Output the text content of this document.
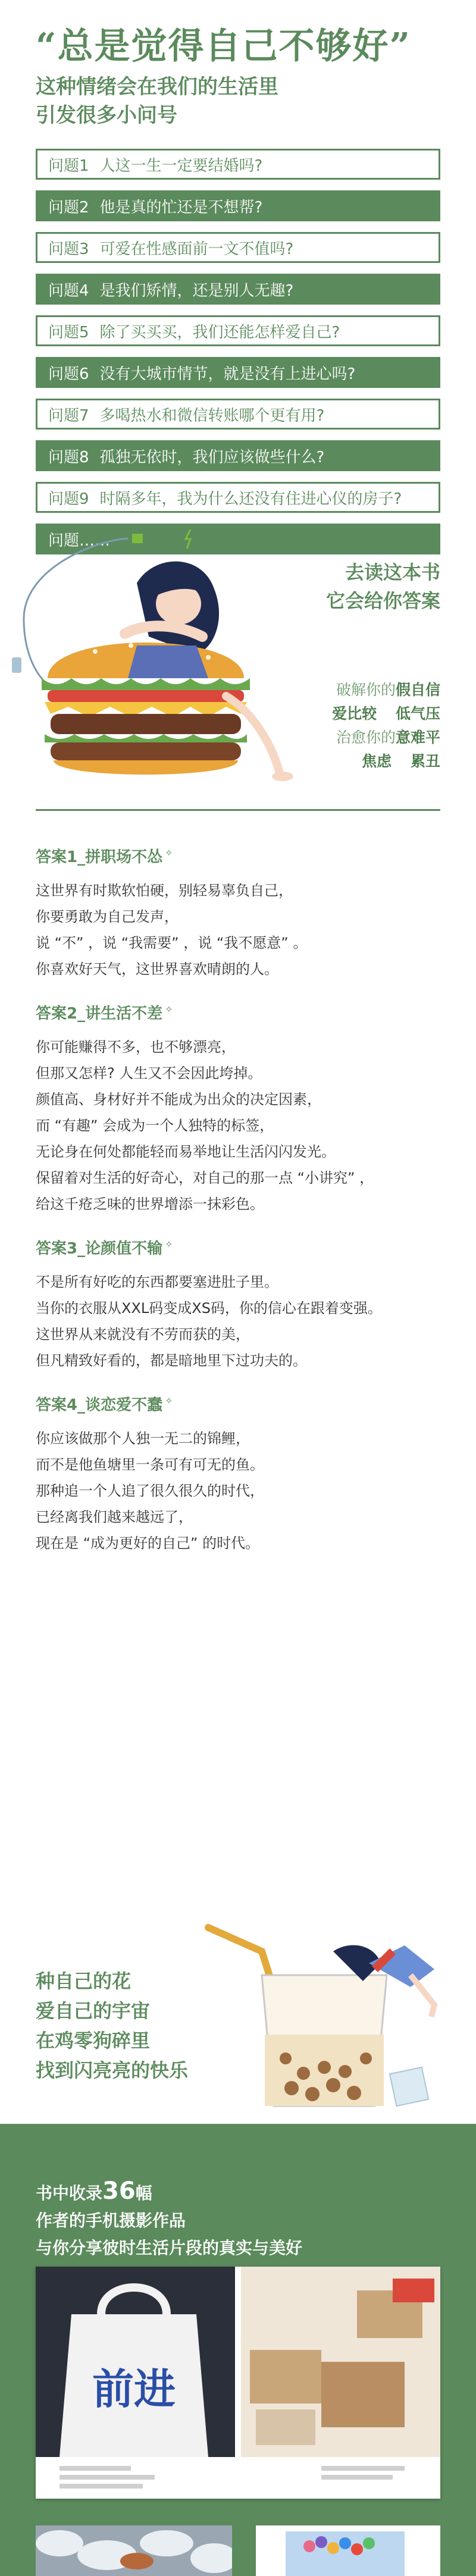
“总是觉得自己不够好”
这种情绪会在我们的生活里
引发很多小问号
问题1 人这一生一定要结婚吗?
问题2 他是真的忙还是不想帮?
问题3 可爱在性感面前一文不值吗?
问题4 是我们矫情，还是别人无趣?
问题5 除了买买买，我们还能怎样爱自己?
问题6 没有大城市情节，就是没有上进心吗?
问题7 多喝热水和微信转账哪个更有用?
问题8 孤独无依时，我们应该做些什么?
问题9 时隔多年，我为什么还没有住进心仪的房子?
问题……	带着你心里的小问号
去读这本书
它会给你答案
破解你的假自信
爱比较 低气压
治愈你的意难平
焦虑 累丑
答案1_拼职场不怂 ✧
这世界有时欺软怕硬，别轻易辜负自己，
你要勇敢为自己发声，
说 “不” ，说 “我需要” ，说 “我不愿意” 。
你喜欢好天气，这世界喜欢晴朗的人。
答案2_讲生活不差 ✧
你可能赚得不多，也不够漂亮，
但那又怎样? 人生又不会因此垮掉。
颜值高、身材好并不能成为出众的决定因素，
而 “有趣” 会成为一个人独特的标签，
无论身在何处都能轻而易举地让生活闪闪发光。
保留着对生活的好奇心，对自己的那一点 “小讲究” ，
给这千疮乏味的世界增添一抹彩色。
答案3_论颜值不输 ✧
不是所有好吃的东西都要塞进肚子里。
当你的衣服从XXL码变成XS码，你的信心在跟着变强。
这世界从来就没有不劳而获的美，
但凡精致好看的，都是暗地里下过功夫的。
答案4_谈恋爱不蠢 ✧
你应该做那个人独一无二的锦鲤，
而不是他鱼塘里一条可有可无的鱼。
那种追一个人追了很久很久的时代，
已经离我们越来越远了，
现在是 “成为更好的自己” 的时代。
种自己的花
爱自己的宇宙
在鸡零狗碎里
找到闪亮亮的快乐
书中收录36幅
作者的手机摄影作品
与你分享彼时生活片段的真实与美好
前进
